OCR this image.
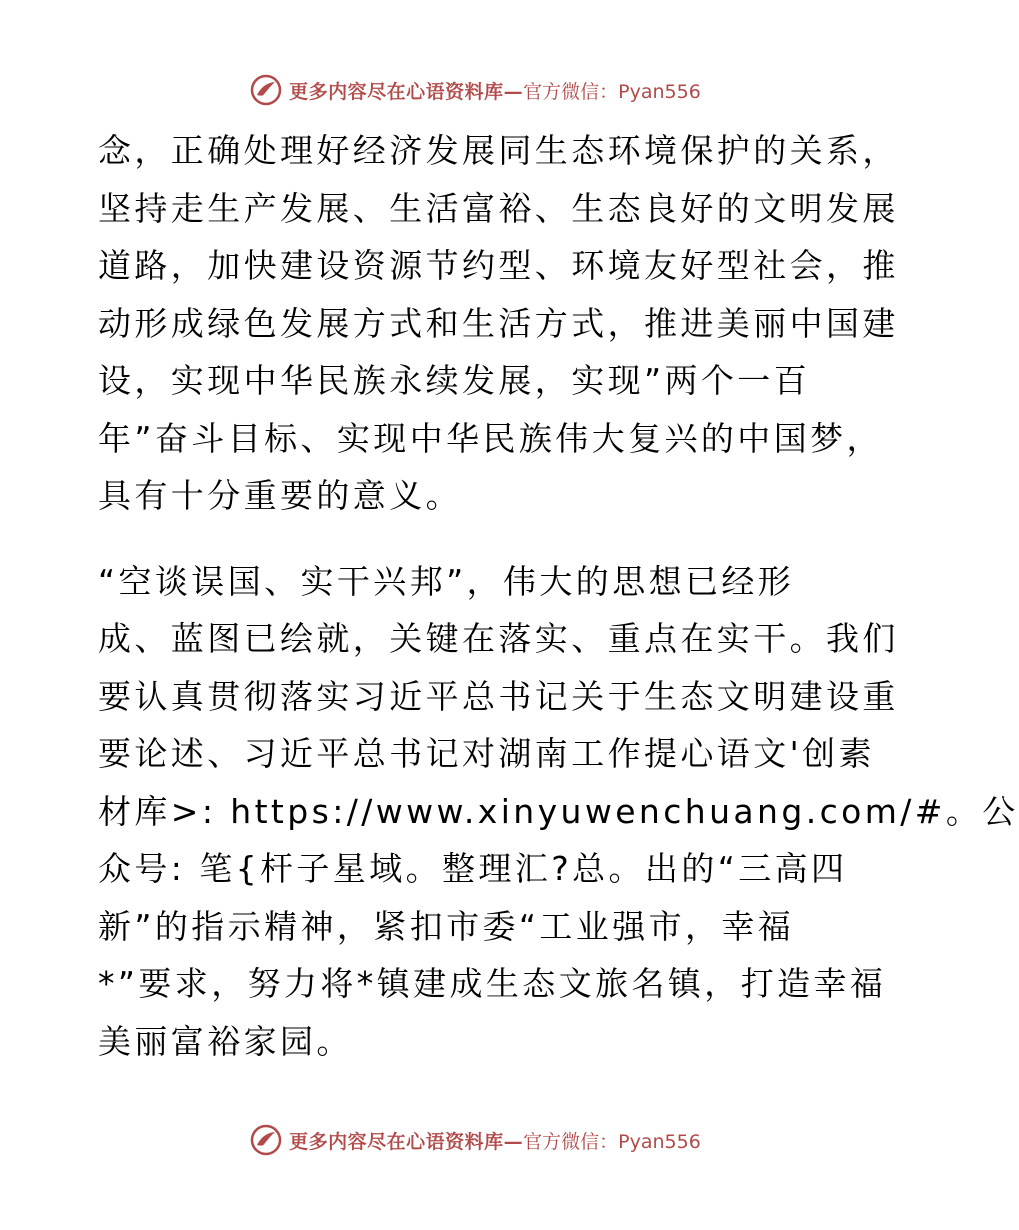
更多内容尽在心语资料库— 官方微信：Pyan556
念，正确处理好经济发展同生态环境保护的关系，
坚持走生产发展、生活富裕、生态良好的文明发展
道路，加快建设资源节约型、环境友好型社会，推
动形成绿色发展方式和生活方式，推进美丽中国建
设，实现中华民族永续发展，实现”两个一百
年”奋斗目标、实现中华民族伟大复兴的中国梦，
具有十分重要的意义。
“空谈误国、实干兴邦”，伟大的思想已经形
成、蓝图已绘就，关键在落实、重点在实干。我们
要认真贯彻落实习近平总书记关于生态文明建设重
要论述、习近平总书记对湖南工作提心语文'创素
材库>: https://www.xinyuwenchuang.com/#。公
众号: 笔{杆子星域。整理汇?总。出的“三高四
新”的指示精神，紧扣市委“工业强市，幸福
*”要求，努力将*镇建成生态文旅名镇，打造幸福
美丽富裕家园。
更多内容尽在心语资料库— 官方微信：Pyan556
